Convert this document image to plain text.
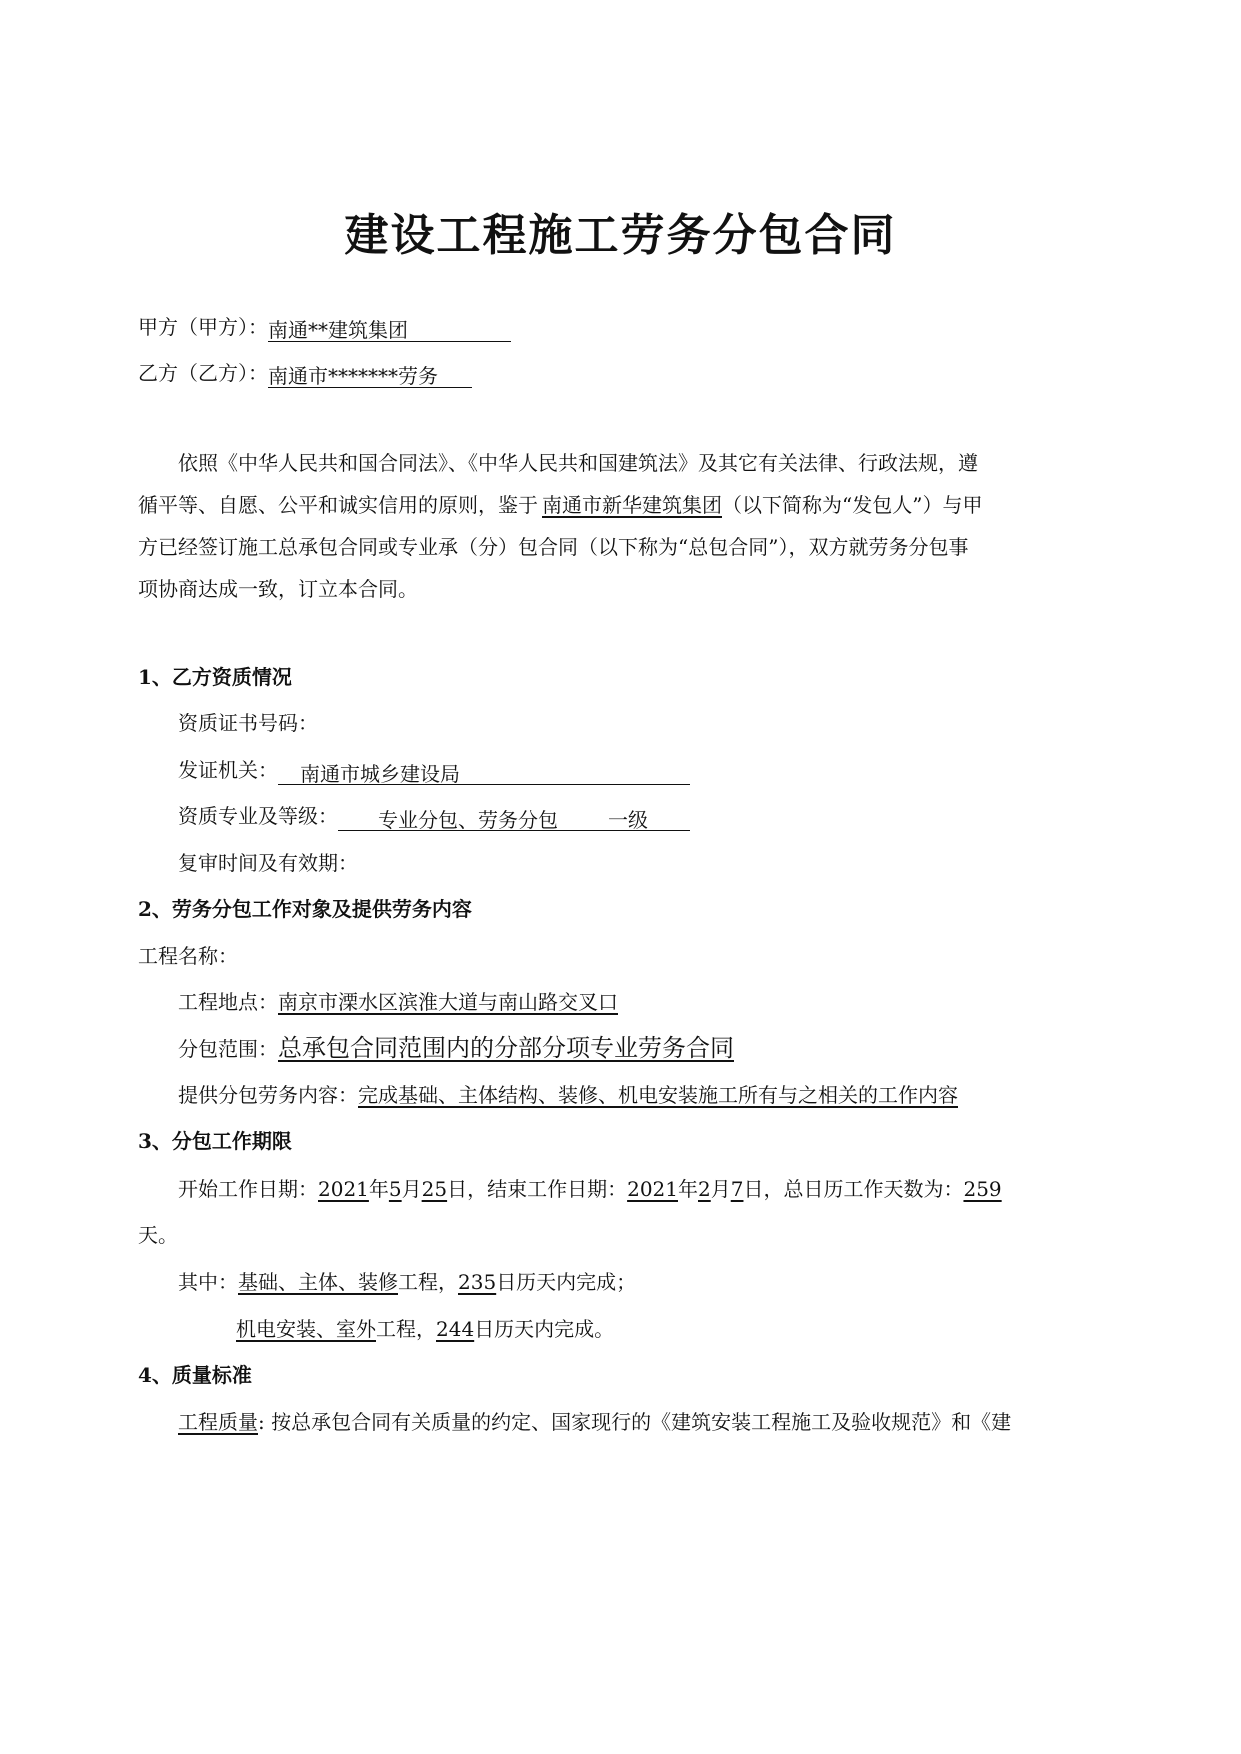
建设工程施工劳务分包合同
甲方（甲方）：南通**建筑集团
乙方（乙方）：南通市*******劳务
依照《中华人民共和国合同法》、《中华人民共和国建筑法》及其它有关法律、行政法规，遵
循平等、自愿、公平和诚实信用的原则，鉴于 南通市新华建筑集团（以下简称为“发包人”）与甲
方已经签订施工总承包合同或专业承（分）包合同（以下称为“总包合同”），双方就劳务分包事
项协商达成一致，订立本合同。
1、乙方资质情况
资质证书号码：
发证机关： 南通市城乡建设局
资质专业及等级： 专业分包、劳务分包	一级
复审时间及有效期：
2、劳务分包工作对象及提供劳务内容
工程名称：
工程地点：南京市溧水区滨淮大道与南山路交叉口
分包范围：总承包合同范围内的分部分项专业劳务合同
提供分包劳务内容：完成基础、主体结构、装修、机电安装施工所有与之相关的工作内容
3、分包工作期限
开始工作日期：2021年5月25日，结束工作日期：2021年2月7日，总日历工作天数为：259
天。
其中：基础、主体、装修工程，235日历天内完成；
机电安装、室外工程，244日历天内完成。
4、质量标准
工程质量: 按总承包合同有关质量的约定、国家现行的《建筑安装工程施工及验收规范》和《建
